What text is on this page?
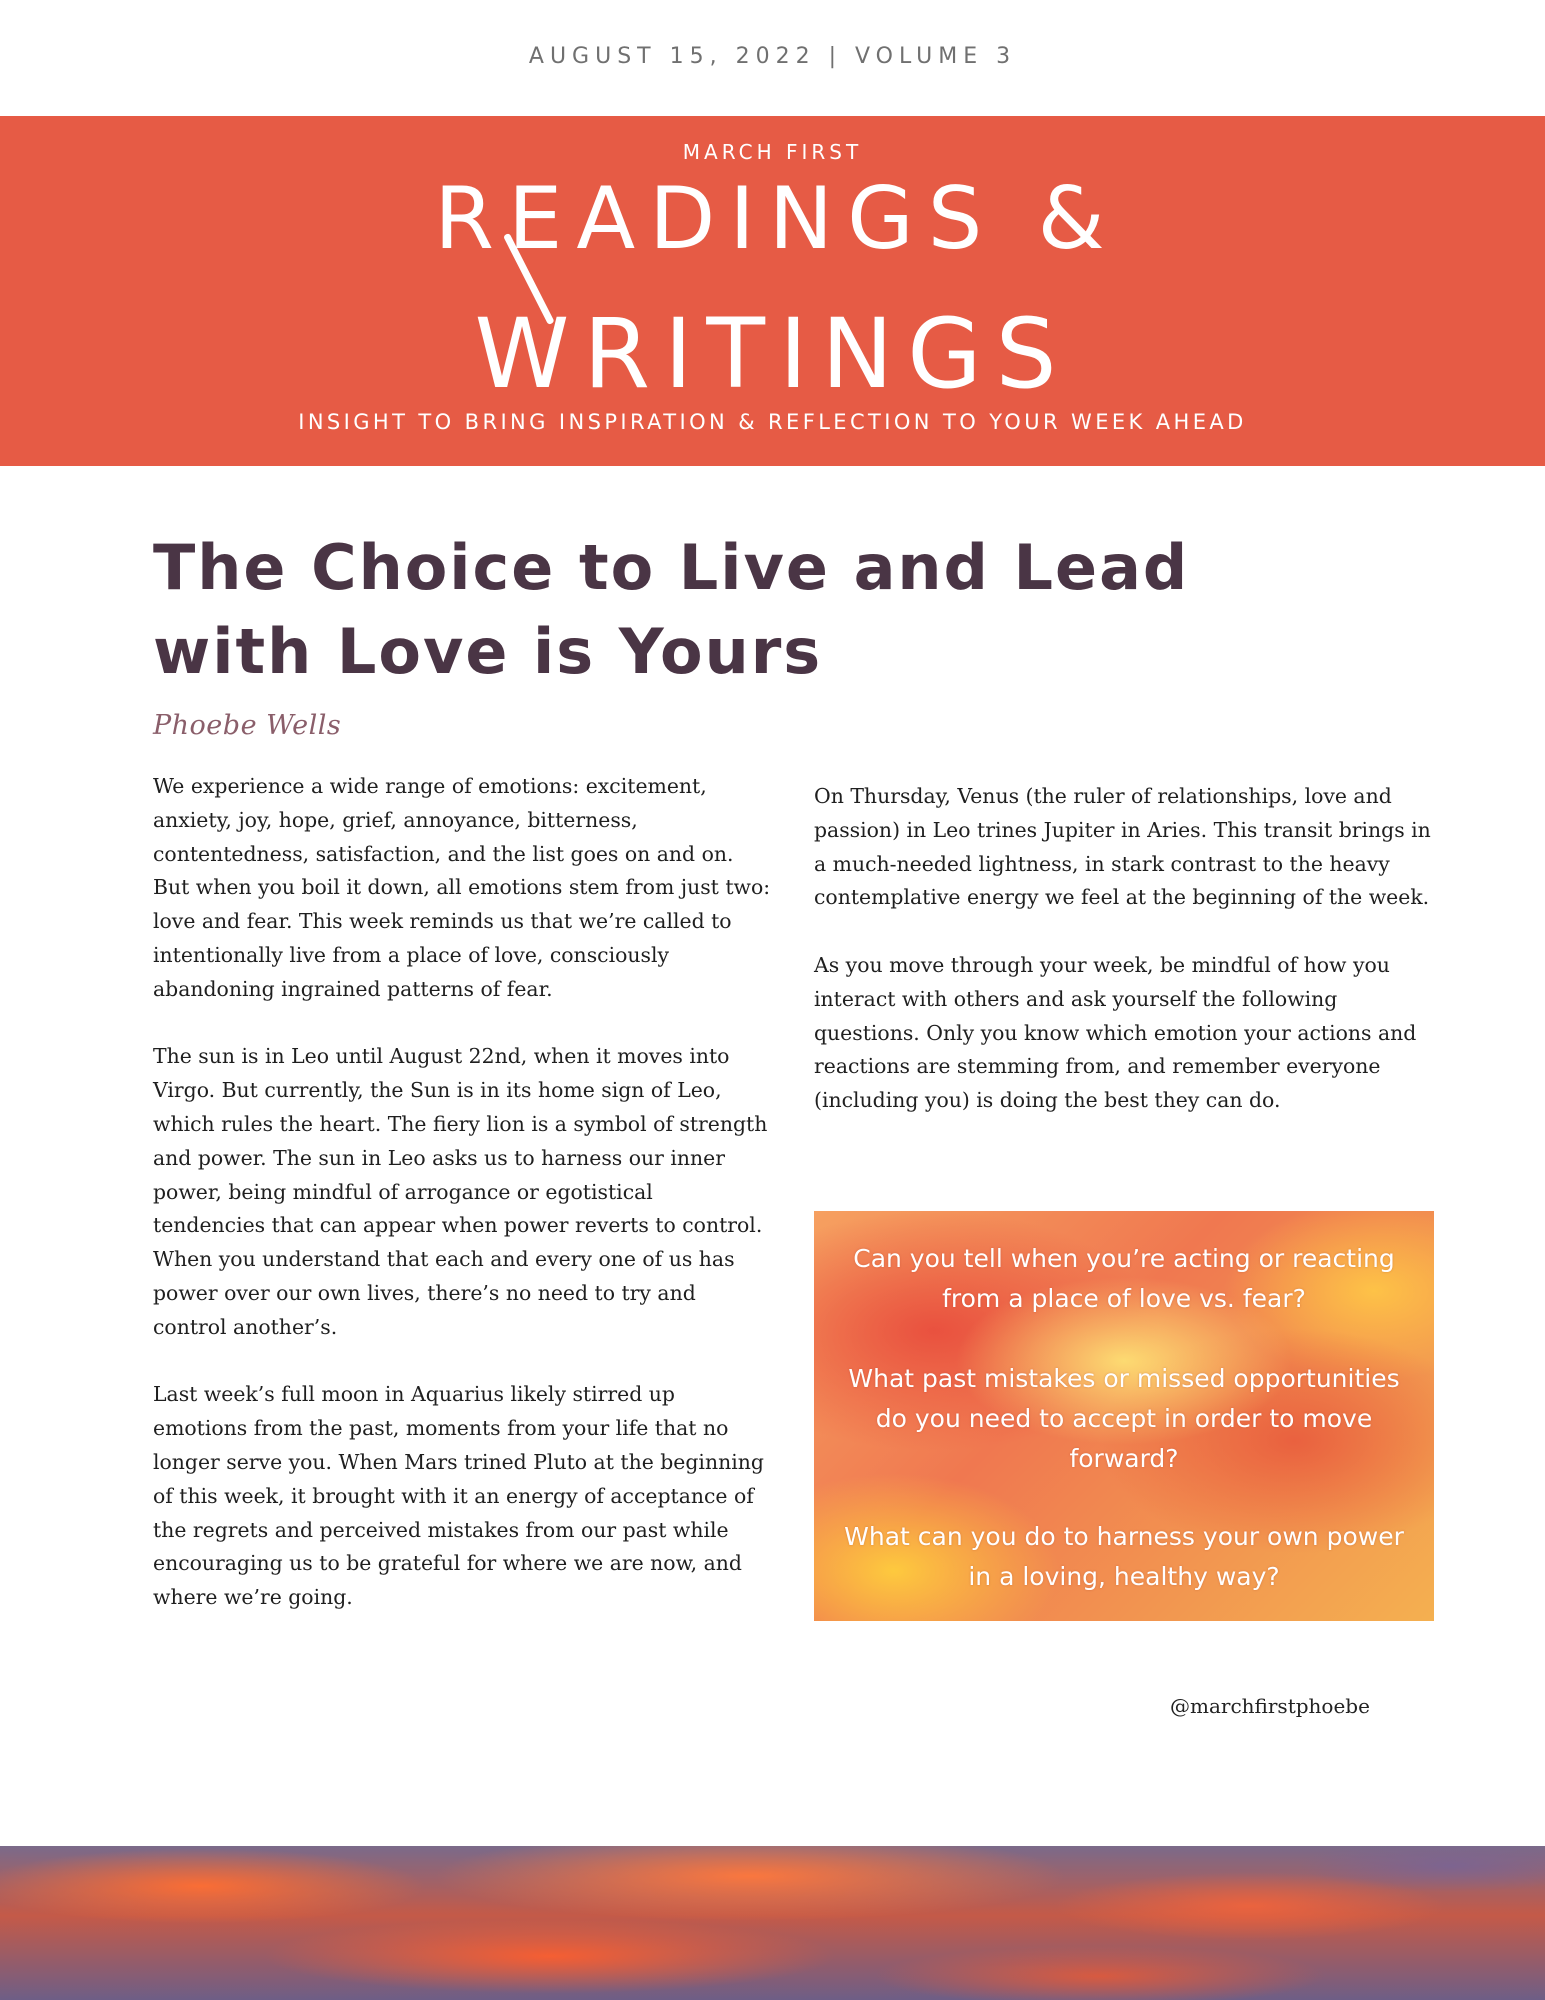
AUGUST 15, 2022 | VOLUME 3
MARCH FIRST
READINGS &
WRITINGS
INSIGHT TO BRING INSPIRATION & REFLECTION TO YOUR WEEK AHEAD
The Choice to Live and Lead with Love is Yours

Phoebe Wells

We experience a wide range of emotions: excitement, anxiety, joy, hope, grief, annoyance, bitterness, contentedness, satisfaction, and the list goes on and on. But when you boil it down, all emotions stem from just two: love and fear. This week reminds us that we’re called to intentionally live from a place of love, consciously abandoning ingrained patterns of fear.

The sun is in Leo until August 22nd, when it moves into Virgo. But currently, the Sun is in its home sign of Leo, which rules the heart. The fiery lion is a symbol of strength and power. The sun in Leo asks us to harness our inner power, being mindful of arrogance or egotistical tendencies that can appear when power reverts to control. When you understand that each and every one of us has power over our own lives, there’s no need to try and control another’s.

Last week’s full moon in Aquarius likely stirred up emotions from the past, moments from your life that no longer serve you. When Mars trined Pluto at the beginning of this week, it brought with it an energy of acceptance of the regrets and perceived mistakes from our past while encouraging us to be grateful for where we are now, and where we’re going.

On Thursday, Venus (the ruler of relationships, love and passion) in Leo trines Jupiter in Aries. This transit brings in a much-needed lightness, in stark contrast to the heavy contemplative energy we feel at the beginning of the week.

As you move through your week, be mindful of how you interact with others and ask yourself the following questions. Only you know which emotion your actions and reactions are stemming from, and remember everyone (including you) is doing the best they can do.

Can you tell when you’re acting or reacting from a place of love vs. fear?

What past mistakes or missed opportunities do you need to accept in order to move forward?

What can you do to harness your own power in a loving, healthy way?

@marchfirstphoebe
